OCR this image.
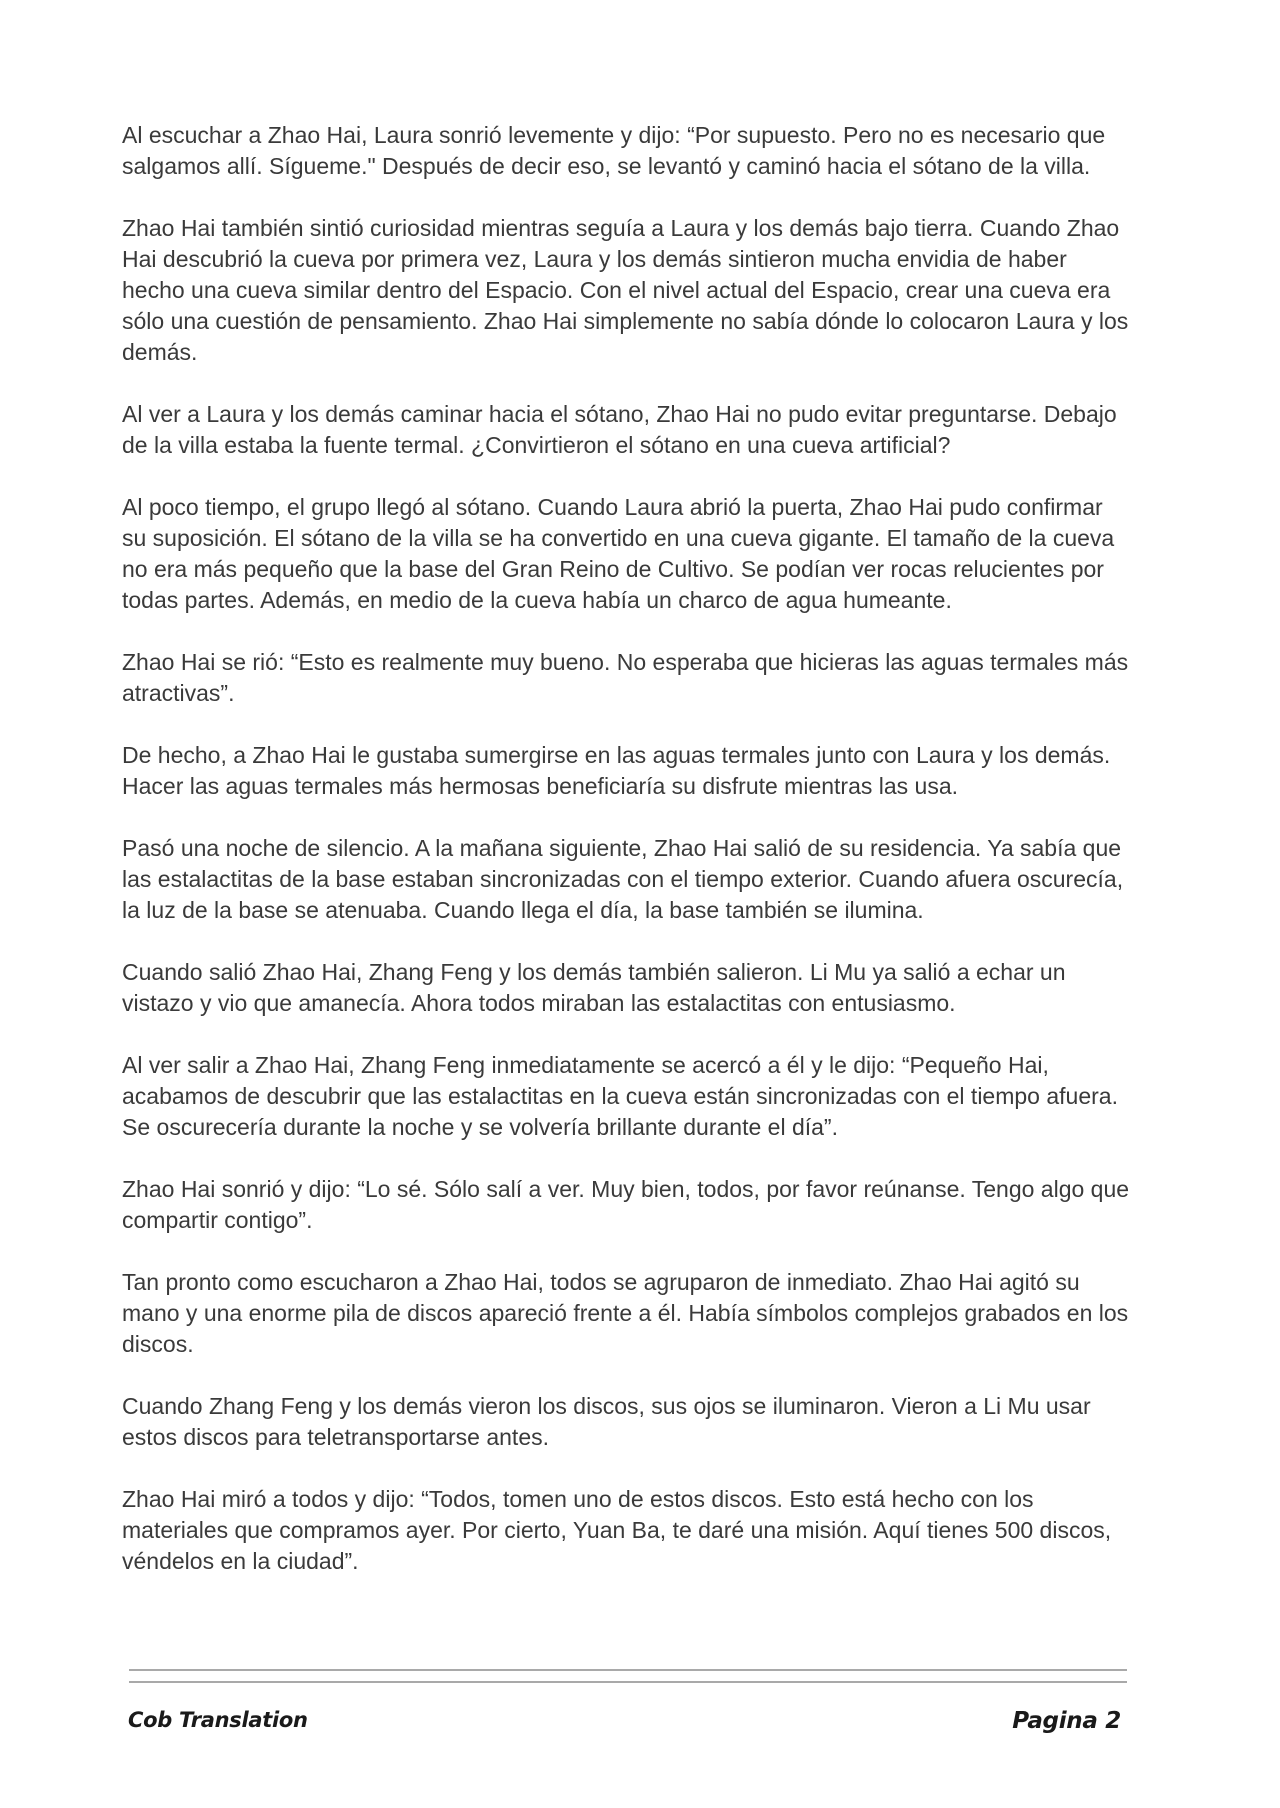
Al escuchar a Zhao Hai, Laura sonrió levemente y dijo: “Por supuesto. Pero no es necesario que salgamos allí. Sígueme." Después de decir eso, se levantó y caminó hacia el sótano de la villa.

Zhao Hai también sintió curiosidad mientras seguía a Laura y los demás bajo tierra. Cuando Zhao Hai descubrió la cueva por primera vez, Laura y los demás sintieron mucha envidia de haber hecho una cueva similar dentro del Espacio. Con el nivel actual del Espacio, crear una cueva era sólo una cuestión de pensamiento. Zhao Hai simplemente no sabía dónde lo colocaron Laura y los demás.

Al ver a Laura y los demás caminar hacia el sótano, Zhao Hai no pudo evitar preguntarse. Debajo de la villa estaba la fuente termal. ¿Convirtieron el sótano en una cueva artificial?

Al poco tiempo, el grupo llegó al sótano. Cuando Laura abrió la puerta, Zhao Hai pudo confirmar su suposición. El sótano de la villa se ha convertido en una cueva gigante. El tamaño de la cueva no era más pequeño que la base del Gran Reino de Cultivo. Se podían ver rocas relucientes por todas partes. Además, en medio de la cueva había un charco de agua humeante.

Zhao Hai se rió: “Esto es realmente muy bueno. No esperaba que hicieras las aguas termales más atractivas”.

De hecho, a Zhao Hai le gustaba sumergirse en las aguas termales junto con Laura y los demás. Hacer las aguas termales más hermosas beneficiaría su disfrute mientras las usa.

Pasó una noche de silencio. A la mañana siguiente, Zhao Hai salió de su residencia. Ya sabía que las estalactitas de la base estaban sincronizadas con el tiempo exterior. Cuando afuera oscurecía, la luz de la base se atenuaba. Cuando llega el día, la base también se ilumina.

Cuando salió Zhao Hai, Zhang Feng y los demás también salieron. Li Mu ya salió a echar un vistazo y vio que amanecía. Ahora todos miraban las estalactitas con entusiasmo.

Al ver salir a Zhao Hai, Zhang Feng inmediatamente se acercó a él y le dijo: “Pequeño Hai, acabamos de descubrir que las estalactitas en la cueva están sincronizadas con el tiempo afuera. Se oscurecería durante la noche y se volvería brillante durante el día”.

Zhao Hai sonrió y dijo: “Lo sé. Sólo salí a ver. Muy bien, todos, por favor reúnanse. Tengo algo que compartir contigo”.

Tan pronto como escucharon a Zhao Hai, todos se agruparon de inmediato. Zhao Hai agitó su mano y una enorme pila de discos apareció frente a él. Había símbolos complejos grabados en los discos.

Cuando Zhang Feng y los demás vieron los discos, sus ojos se iluminaron. Vieron a Li Mu usar estos discos para teletransportarse antes.

Zhao Hai miró a todos y dijo: “Todos, tomen uno de estos discos. Esto está hecho con los materiales que compramos ayer. Por cierto, Yuan Ba, te daré una misión. Aquí tienes 500 discos, véndelos en la ciudad”.

Cob Translation	Pagina 2
